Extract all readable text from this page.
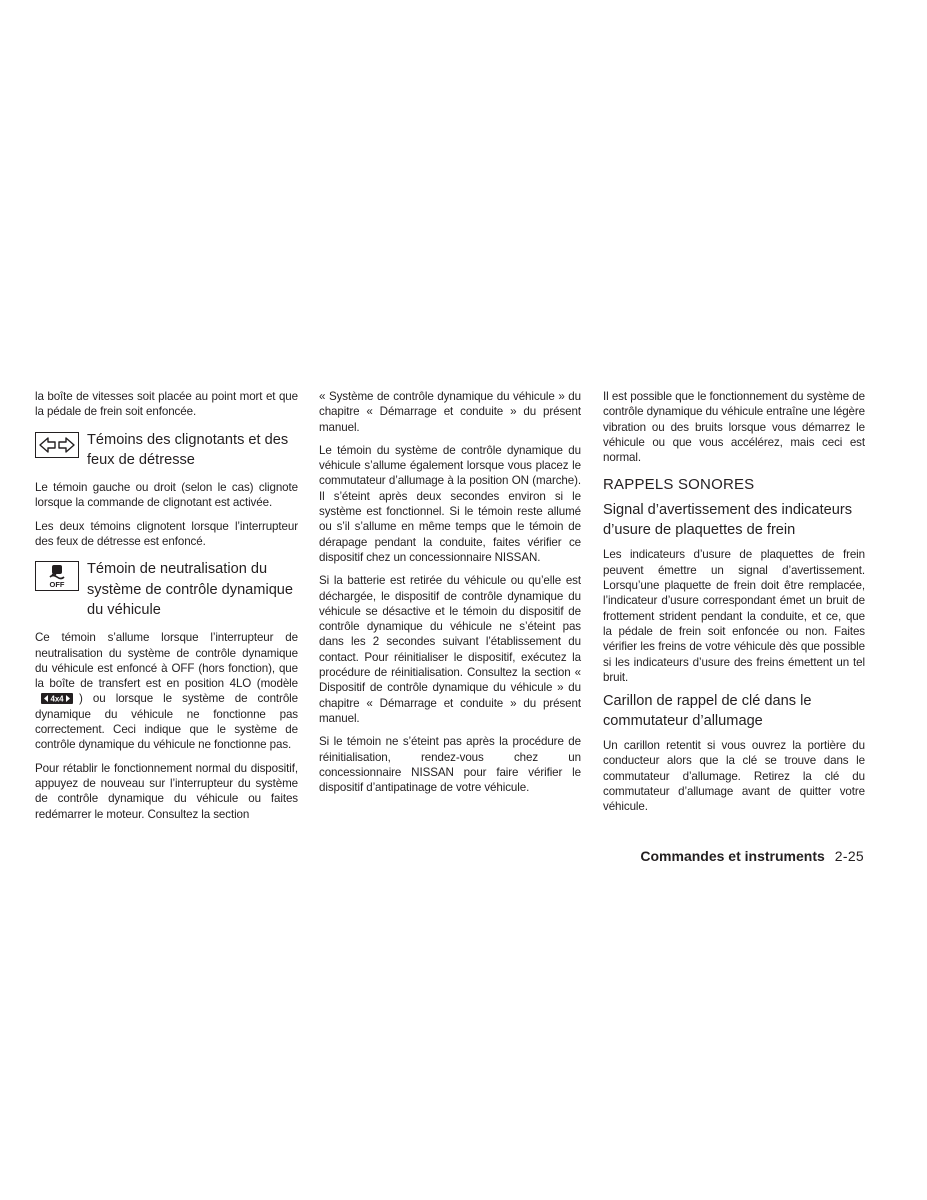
la boîte de vitesses soit placée au point mort et que la pédale de frein soit enfoncée.

Témoins des clignotants et des feux de détresse

Le témoin gauche ou droit (selon le cas) clignote lorsque la commande de clignotant est activée.

Les deux témoins clignotent lorsque l’interrupteur des feux de détresse est enfoncé.

OFF
Témoin de neutralisation du système de contrôle dynamique du véhicule

Ce témoin s’allume lorsque l’interrupteur de neutralisation du système de contrôle dynamique du véhicule est enfoncé à OFF (hors fonction), que la boîte de transfert est en position 4LO (modèle
4x4 ) ou lorsque le système de contrôle dynamique du véhicule ne fonctionne pas correctement. Ceci indique que le système de contrôle dynamique du véhicule ne fonctionne pas.

Pour rétablir le fonctionnement normal du dispositif, appuyez de nouveau sur l’interrupteur du système de contrôle dynamique du véhicule ou faites redémarrer le moteur. Consultez la section

« Système de contrôle dynamique du véhicule » du chapitre « Démarrage et conduite » du présent manuel.

Le témoin du système de contrôle dynamique du véhicule s’allume également lorsque vous placez le commutateur d’allumage à la position ON (marche). Il s’éteint après deux secondes environ si le système est fonctionnel. Si le témoin reste allumé ou s’il s’allume en même temps que le témoin de dérapage pendant la conduite, faites vérifier ce dispositif chez un concessionnaire NISSAN.

Si la batterie est retirée du véhicule ou qu’elle est déchargée, le dispositif de contrôle dynamique du véhicule se désactive et le témoin du dispositif de contrôle dynamique du véhicule ne s’éteint pas dans les 2 secondes suivant l’établissement du contact. Pour réinitialiser le dispositif, exécutez la procédure de réinitialisation. Consultez la section « Dispositif de contrôle dynamique du véhicule » du chapitre « Démarrage et conduite » du présent manuel.

Si le témoin ne s’éteint pas après la procédure de réinitialisation, rendez-vous chez un concessionnaire NISSAN pour faire vérifier le dispositif d’antipatinage de votre véhicule.

Il est possible que le fonctionnement du système de contrôle dynamique du véhicule entraîne une légère vibration ou des bruits lorsque vous démarrez le véhicule ou que vous accélérez, mais ceci est normal.

RAPPELS SONORES
Signal d’avertissement des indicateurs d’usure de plaquettes de frein

Les indicateurs d’usure de plaquettes de frein peuvent émettre un signal d’avertissement. Lorsqu’une plaquette de frein doit être remplacée, l’indicateur d’usure correspondant émet un bruit de frottement strident pendant la conduite, et ce, que la pédale de frein soit enfoncée ou non. Faites vérifier les freins de votre véhicule dès que possible si les indicateurs d’usure des freins émettent un tel bruit.

Carillon de rappel de clé dans le commutateur d’allumage

Un carillon retentit si vous ouvrez la portière du conducteur alors que la clé se trouve dans le commutateur d’allumage. Retirez la clé du commutateur d’allumage avant de quitter votre véhicule.

Commandes et instruments 2-25
